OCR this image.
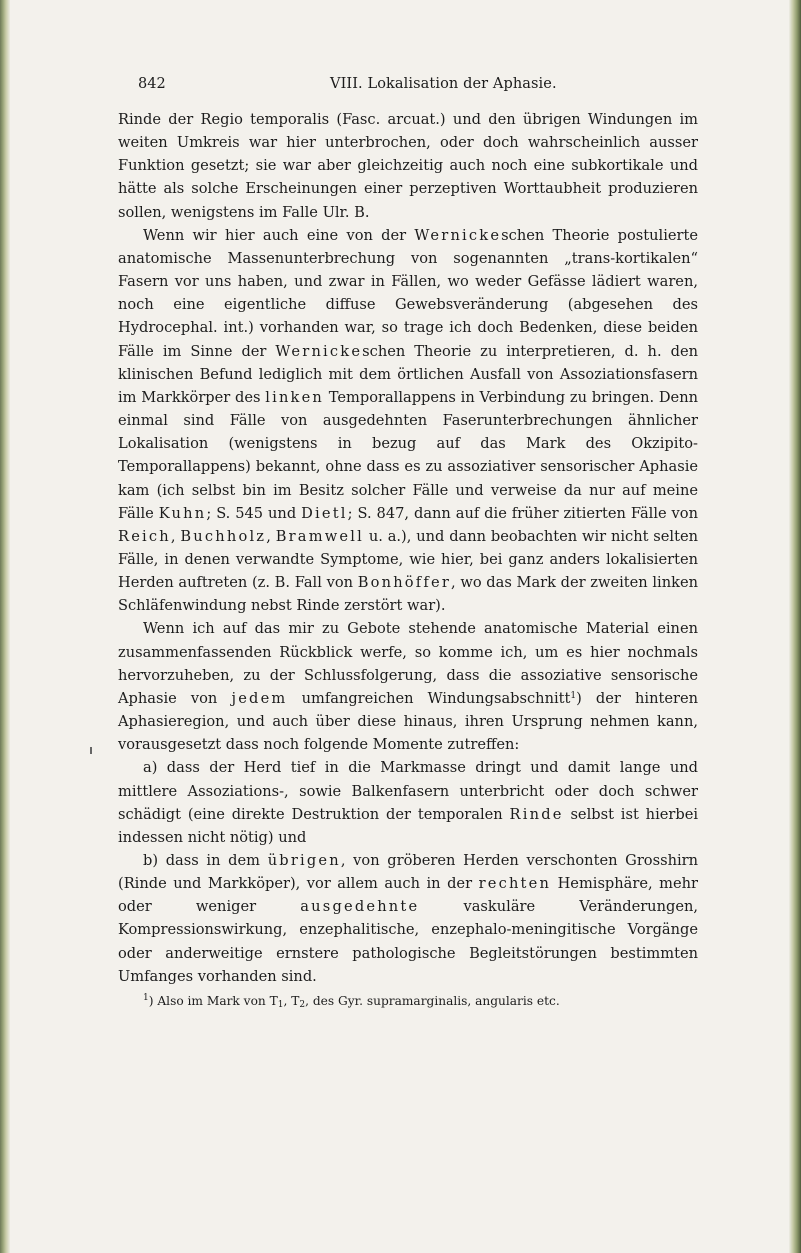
842	VIII. Lokalisation der Aphasie.

Rinde der Regio temporalis (Fasc. arcuat.) und den übrigen Windungen im weiten Umkreis war hier unterbrochen, oder doch wahrscheinlich ausser Funktion gesetzt; sie war aber gleichzeitig auch noch eine subkortikale und hätte als solche Erscheinungen einer perzeptiven Worttaubheit produzieren sollen, wenigstens im Falle Ulr. B.

Wenn wir hier auch eine von der Wernickeschen Theorie postulierte anatomische Massenunterbrechung von sogenannten „trans-kortikalen“ Fasern vor uns haben, und zwar in Fällen, wo weder Gefässe lädiert waren, noch eine eigentliche diffuse Gewebsveränderung (abgesehen des Hydrocephal. int.) vorhanden war, so trage ich doch Bedenken, diese beiden Fälle im Sinne der Wernickeschen Theorie zu interpretieren, d. h. den klinischen Befund lediglich mit dem örtlichen Ausfall von Assoziationsfasern im Markkörper des linken Temporallappens in Verbindung zu bringen. Denn einmal sind Fälle von ausgedehnten Faserunterbrechungen ähnlicher Lokalisation (wenigstens in bezug auf das Mark des Okzipito-Temporallappens) bekannt, ohne dass es zu assoziativer sensorischer Aphasie kam (ich selbst bin im Besitz solcher Fälle und verweise da nur auf meine Fälle Kuhn; S. 545 und Dietl; S. 847, dann auf die früher zitierten Fälle von Reich, Buchholz, Bramwell u. a.), und dann beobachten wir nicht selten Fälle, in denen verwandte Symptome, wie hier, bei ganz anders lokalisierten Herden auftreten (z. B. Fall von Bonhöffer, wo das Mark der zweiten linken Schläfenwindung nebst Rinde zerstört war).

Wenn ich auf das mir zu Gebote stehende anatomische Material einen zusammenfassenden Rückblick werfe, so komme ich, um es hier nochmals hervorzuheben, zu der Schlussfolgerung, dass die assoziative sensorische Aphasie von jedem umfangreichen Windungsabschnitt$^1$) der hinteren Aphasieregion, und auch über diese hinaus, ihren Ursprung nehmen kann, vorausgesetzt dass noch folgende Momente zutreffen:

a) dass der Herd tief in die Markmasse dringt und damit lange und mittlere Assoziations-, sowie Balkenfasern unterbricht oder doch schwer schädigt (eine direkte Destruktion der temporalen Rinde selbst ist hierbei indessen nicht nötig) und

b) dass in dem übrigen, von gröberen Herden verschonten Grosshirn (Rinde und Markköper), vor allem auch in der rechten Hemisphäre, mehr oder weniger ausgedehnte vaskuläre Veränderungen, Kompressionswirkung, enzephalitische, enzephalo-meningitische Vorgänge oder anderweitige ernstere pathologische Begleitstörungen bestimmten Umfanges vorhanden sind.

$^1$) Also im Mark von $T_1$, $T_2$, des Gyr. supramarginalis, angularis etc.
